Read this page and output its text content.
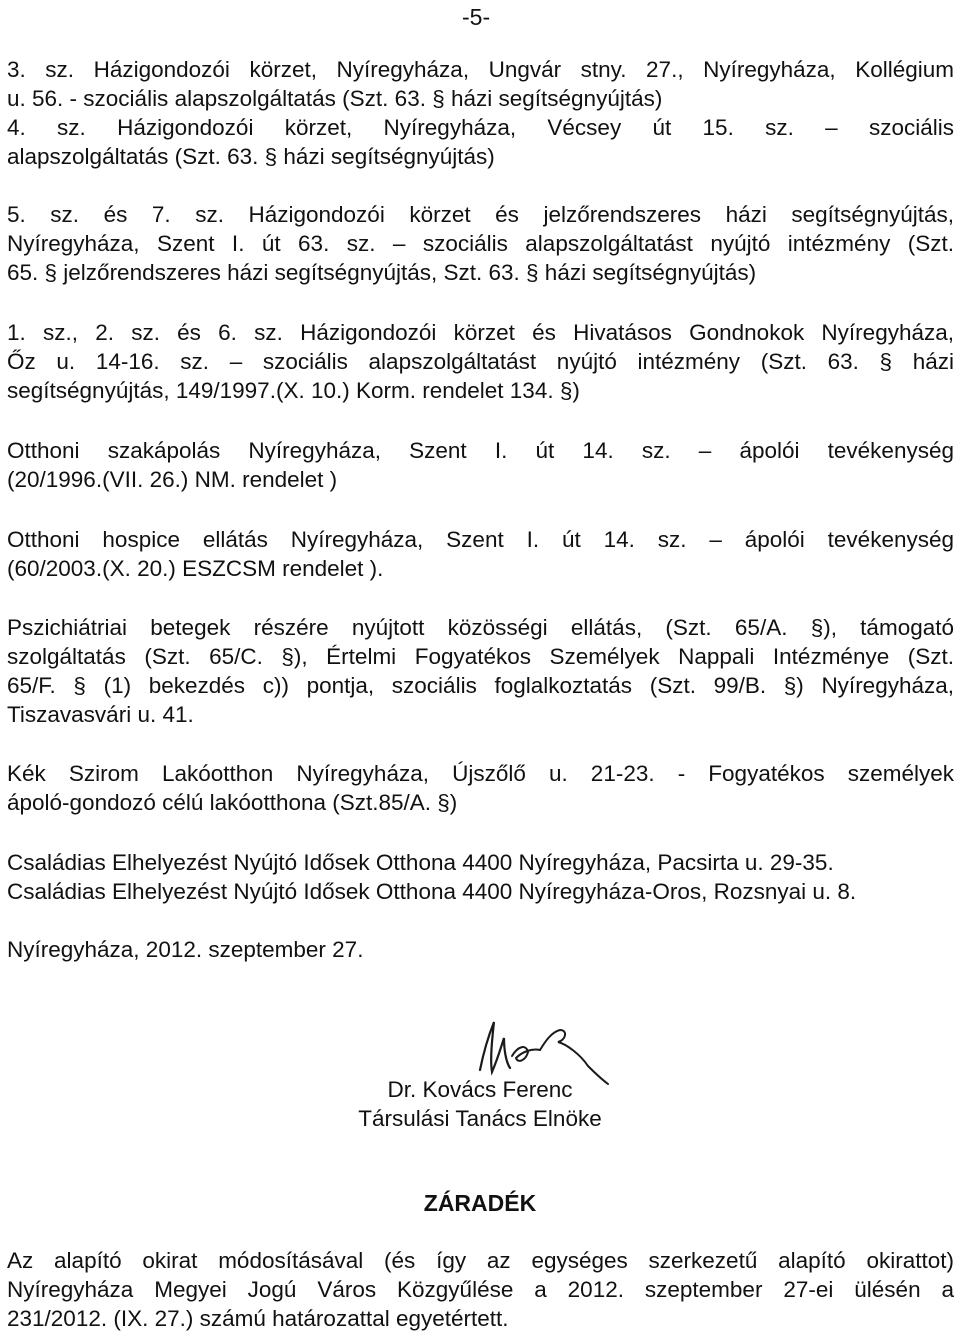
-5-
3. sz. Házigondozói körzet, Nyíregyháza, Ungvár stny. 27., Nyíregyháza, Kollégium
u. 56. - szociális alapszolgáltatás (Szt. 63. § házi segítségnyújtás)
4. sz. Házigondozói körzet, Nyíregyháza, Vécsey út 15. sz. – szociális
alapszolgáltatás (Szt. 63. § házi segítségnyújtás)
5. sz. és 7. sz. Házigondozói körzet és jelzőrendszeres házi segítségnyújtás,
Nyíregyháza, Szent I. út 63. sz. – szociális alapszolgáltatást nyújtó intézmény (Szt.
65. § jelzőrendszeres házi segítségnyújtás, Szt. 63. § házi segítségnyújtás)
1. sz., 2. sz. és 6. sz. Házigondozói körzet és Hivatásos Gondnokok Nyíregyháza,
Őz u. 14-16. sz. – szociális alapszolgáltatást nyújtó intézmény (Szt. 63. § házi
segítségnyújtás, 149/1997.(X. 10.) Korm. rendelet 134. §)
Otthoni szakápolás Nyíregyháza, Szent I. út 14. sz. – ápolói tevékenység
(20/1996.(VII. 26.) NM. rendelet )
Otthoni hospice ellátás Nyíregyháza, Szent I. út 14. sz. – ápolói tevékenység
(60/2003.(X. 20.) ESZCSM rendelet ).
Pszichiátriai betegek részére nyújtott közösségi ellátás, (Szt. 65/A. §), támogató
szolgáltatás (Szt. 65/C. §), Értelmi Fogyatékos Személyek Nappali Intézménye (Szt.
65/F. § (1) bekezdés c)) pontja, szociális foglalkoztatás (Szt. 99/B. §) Nyíregyháza,
Tiszavasvári u. 41.
Kék Szirom Lakóotthon Nyíregyháza, Újszőlő u. 21-23. - Fogyatékos személyek
ápoló-gondozó célú lakóotthona (Szt.85/A. §)
Családias Elhelyezést Nyújtó Idősek Otthona 4400 Nyíregyháza, Pacsirta u. 29-35.
Családias Elhelyezést Nyújtó Idősek Otthona 4400 Nyíregyháza-Oros, Rozsnyai u. 8.
Nyíregyháza, 2012. szeptember 27.
Dr. Kovács Ferenc
Társulási Tanács Elnöke
ZÁRADÉK
Az alapító okirat módosításával (és így az egységes szerkezetű alapító okirattot)
Nyíregyháza Megyei Jogú Város Közgyűlése a 2012. szeptember 27-ei ülésén a
231/2012. (IX. 27.) számú határozattal egyetértett.
